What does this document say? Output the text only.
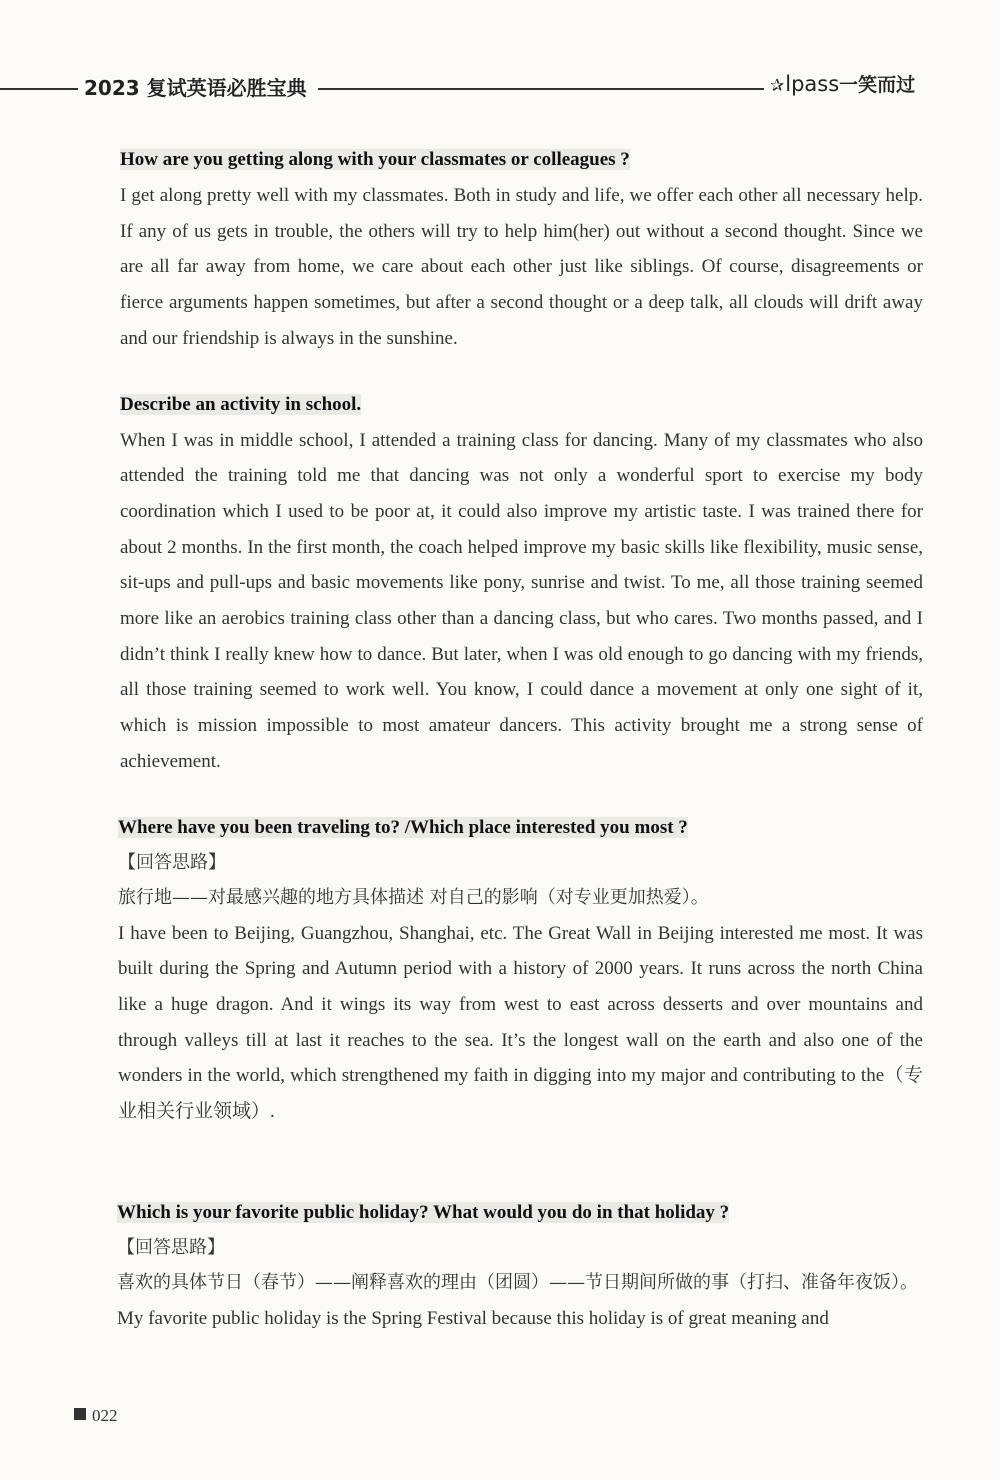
2023 复试英语必胜宝典	✰lpass一笑而过

How are you getting along with your classmates or colleagues ?

I get along pretty well with my classmates. Both in study and life, we offer each other all necessary help. If any of us gets in trouble, the others will try to help him(her) out without a second thought. Since we are all far away from home, we care about each other just like siblings. Of course, disagreements or fierce arguments happen sometimes, but after a second thought or a deep talk, all clouds will drift away and our friendship is always in the sunshine.

Describe an activity in school.

When I was in middle school, I attended a training class for dancing. Many of my classmates who also attended the training told me that dancing was not only a wonderful sport to exercise my body coordination which I used to be poor at, it could also improve my artistic taste. I was trained there for about 2 months. In the first month, the coach helped improve my basic skills like flexibility, music sense, sit-ups and pull-ups and basic movements like pony, sunrise and twist. To me, all those training seemed more like an aerobics training class other than a dancing class, but who cares. Two months passed, and I didn’t think I really knew how to dance. But later, when I was old enough to go dancing with my friends, all those training seemed to work well. You know, I could dance a movement at only one sight of it, which is mission impossible to most amateur dancers. This activity brought me a strong sense of achievement.

Where have you been traveling to? /Which place interested you most ?

【回答思路】

旅行地——对最感兴趣的地方具体描述 对自己的影响（对专业更加热爱）。

I have been to Beijing, Guangzhou, Shanghai, etc. The Great Wall in Beijing interested me most. It was built during the Spring and Autumn period with a history of 2000 years. It runs across the north China like a huge dragon. And it wings its way from west to east across desserts and over mountains and through valleys till at last it reaches to the sea. It’s the longest wall on the earth and also one of the wonders in the world, which strengthened my faith in digging into my major and contributing to the（专业相关行业领域）.

Which is your favorite public holiday? What would you do in that holiday ?

【回答思路】

喜欢的具体节日（春节）——阐释喜欢的理由（团圆）——节日期间所做的事（打扫、准备年夜饭）。

My favorite public holiday is the Spring Festival because this holiday is of great meaning and

022
